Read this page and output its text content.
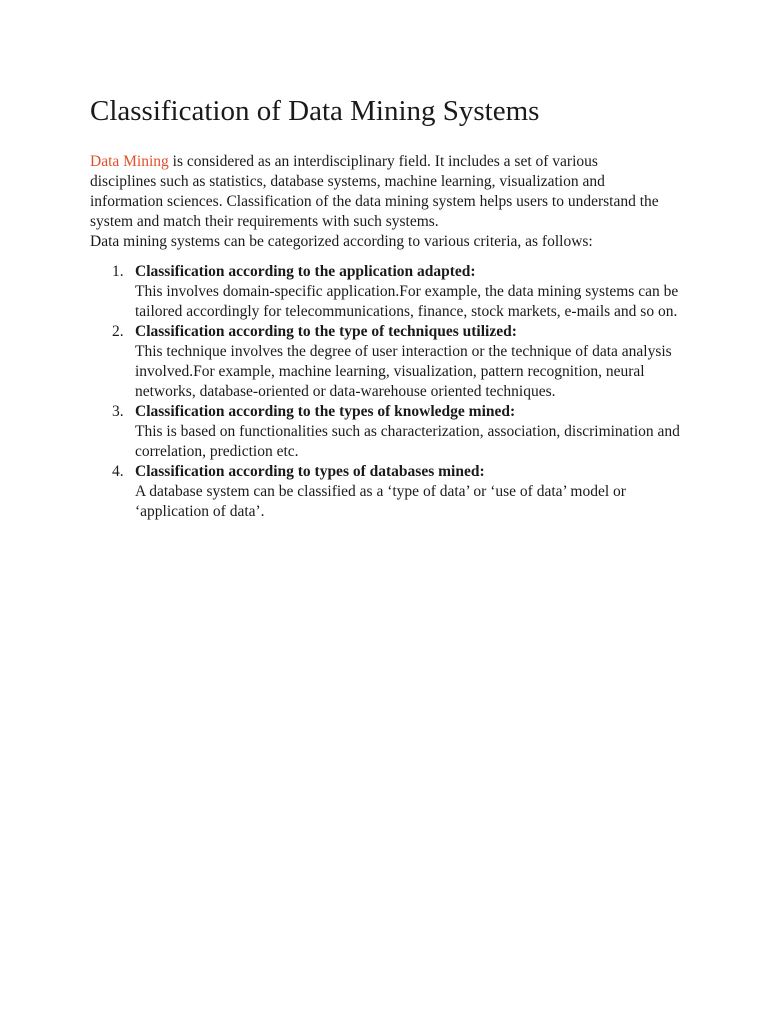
Classification of Data Mining Systems

Data Mining is considered as an interdisciplinary field. It includes a set of various disciplines such as statistics, database systems, machine learning, visualization and information sciences. Classification of the data mining system helps users to understand the system and match their requirements with such systems.

Data mining systems can be categorized according to various criteria, as follows:

1. Classification according to the application adapted:
This involves domain-specific application.For example, the data mining systems can be tailored accordingly for telecommunications, finance, stock markets, e-mails and so on.
2. Classification according to the type of techniques utilized:
This technique involves the degree of user interaction or the technique of data analysis involved.For example, machine learning, visualization, pattern recognition, neural networks, database-oriented or data-warehouse oriented techniques.
3. Classification according to the types of knowledge mined:
This is based on functionalities such as characterization, association, discrimination and correlation, prediction etc.
4. Classification according to types of databases mined:
A database system can be classified as a ‘type of data’ or ‘use of data’ model or ‘application of data’.
